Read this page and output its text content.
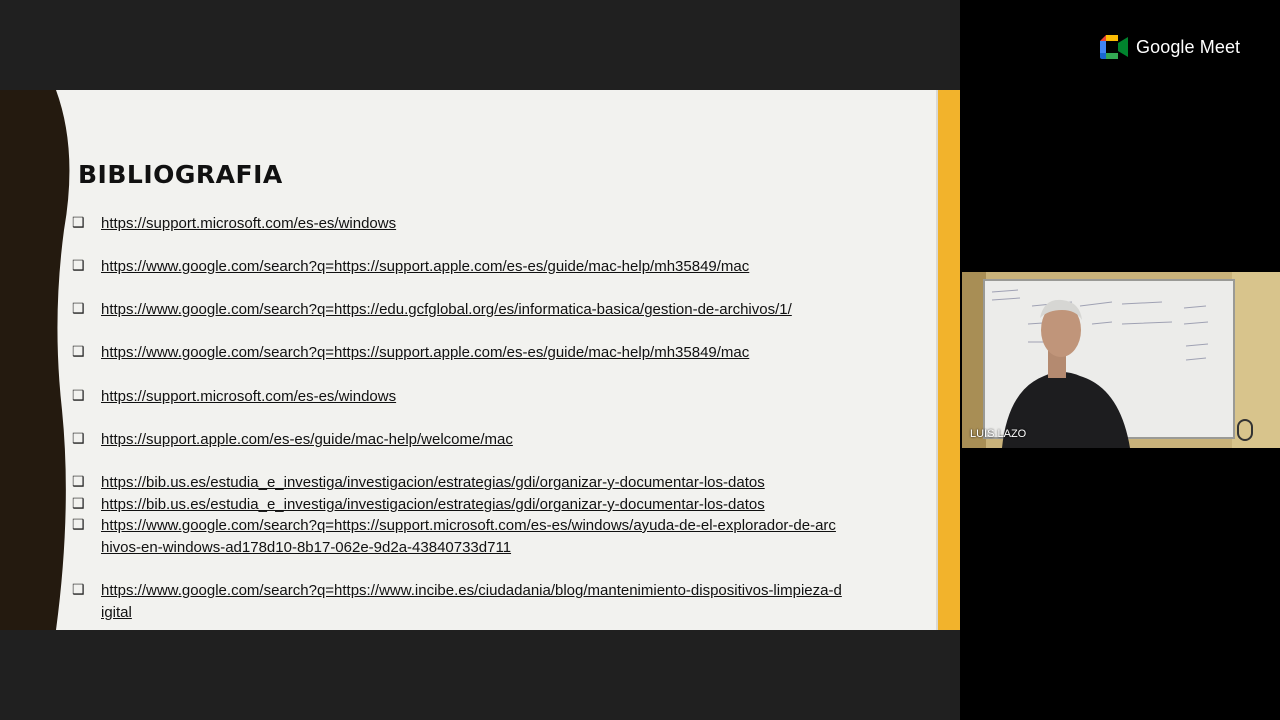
BIBLIOGRAFIA
❑ https://support.microsoft.com/es-es/windows
❑ https://www.google.com/search?q=https://support.apple.com/es-es/guide/mac-help/mh35849/mac
❑ https://www.google.com/search?q=https://edu.gcfglobal.org/es/informatica-basica/gestion-de-archivos/1/
❑ https://www.google.com/search?q=https://support.apple.com/es-es/guide/mac-help/mh35849/mac
❑ https://support.microsoft.com/es-es/windows
❑ https://support.apple.com/es-es/guide/mac-help/welcome/mac
❑ https://bib.us.es/estudia_e_investiga/investigacion/estrategias/gdi/organizar-y-documentar-los-datos
❑ https://bib.us.es/estudia_e_investiga/investigacion/estrategias/gdi/organizar-y-documentar-los-datos
❑ https://www.google.com/search?q=https://support.microsoft.com/es-es/windows/ayuda-de-el-explorador-de-archivos-en-windows-ad178d10-8b17-062e-9d2a-43840733d711
❑ https://www.google.com/search?q=https://www.incibe.es/ciudadania/blog/mantenimiento-dispositivos-limpieza-digital
Google Meet
LUIS LAZO
